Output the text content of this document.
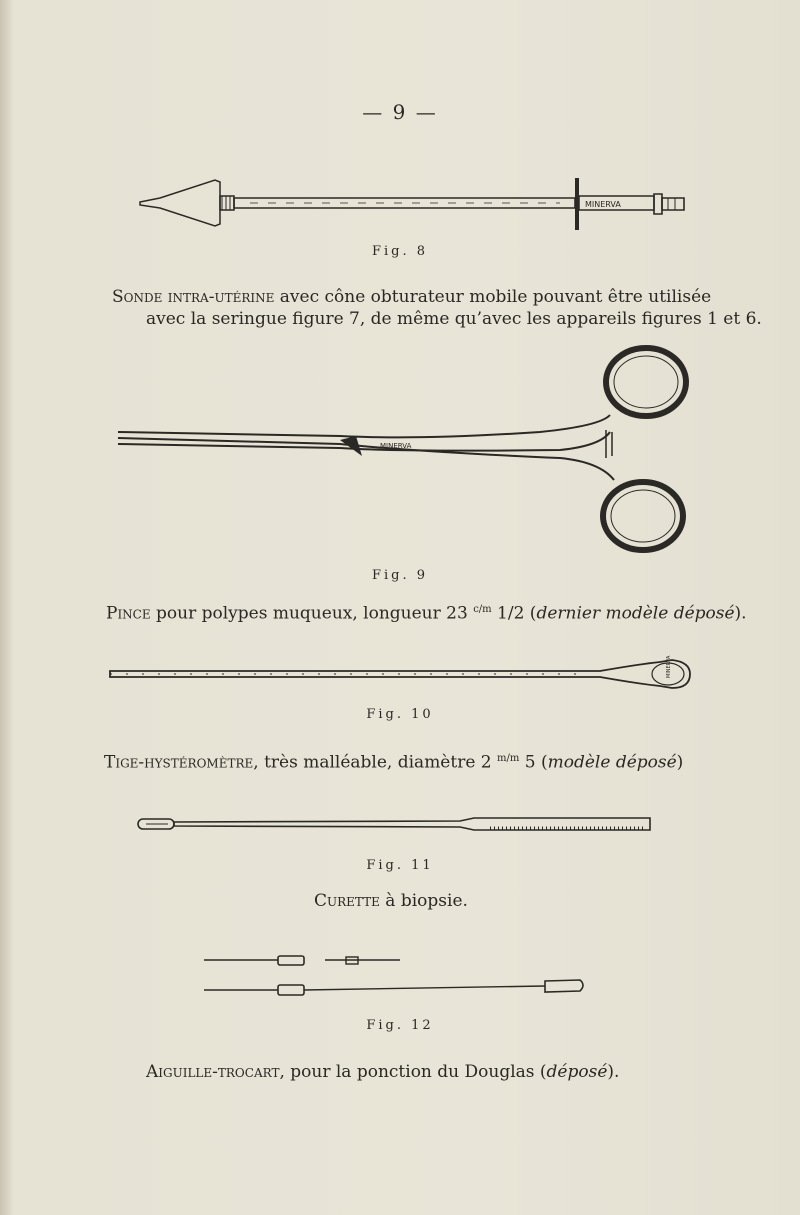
— 9 —
MINERVA
Fig. 8
Sonde intra-utérine avec cône obturateur mobile pouvant être utilisée
avec la seringue figure 7, de même qu’avec les appareils figures 1 et 6.
MINERVA
Fig. 9
Pince pour polypes muqueux, longueur 23 $^{c/m}$ 1/2 (dernier modèle déposé).
MINERVA
Fig. 10
Tige-hystéromètre, très malléable, diamètre 2 $^{m/m}$ 5 (modèle déposé)
Fig. 11
Curette à biopsie.
Fig. 12
Aiguille-trocart, pour la ponction du Douglas (déposé).
